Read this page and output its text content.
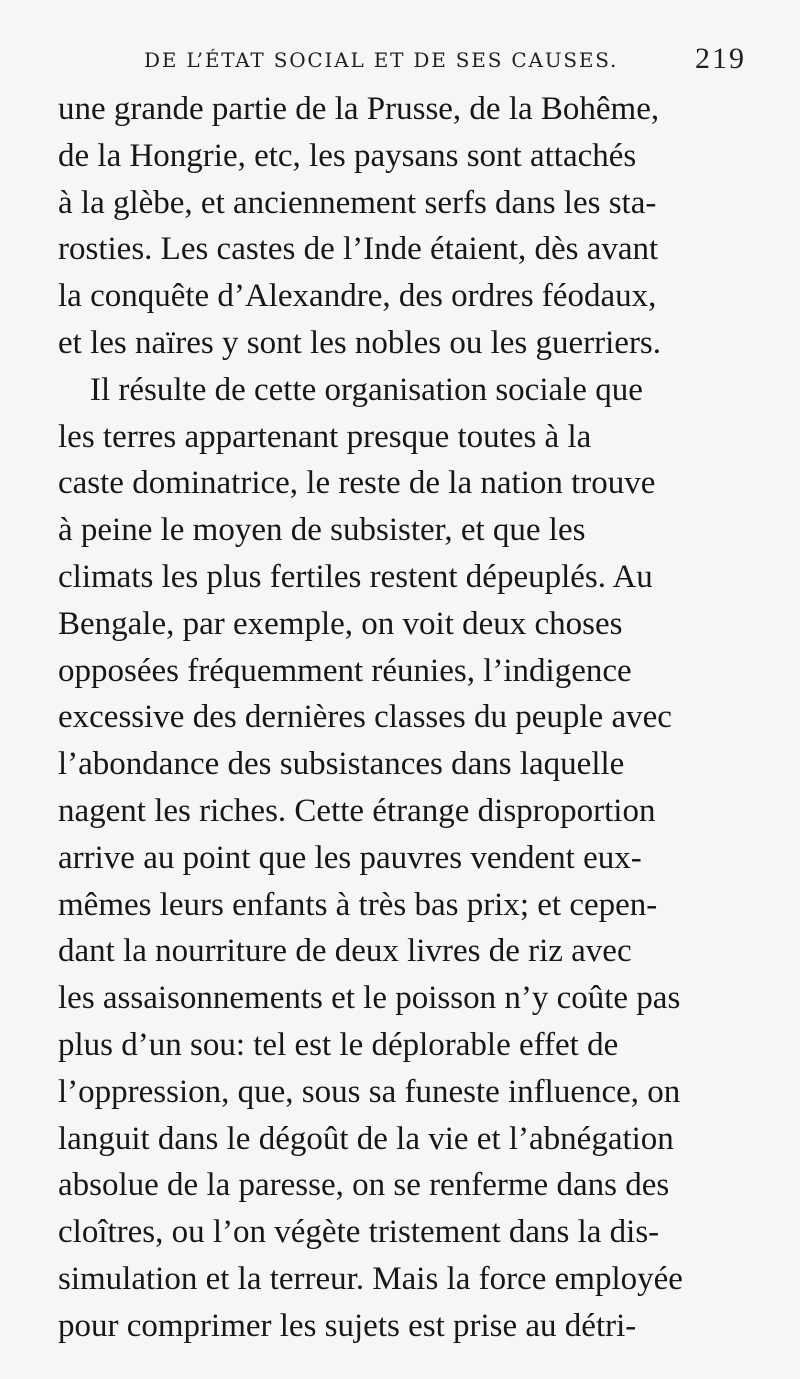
DE L’ÉTAT SOCIAL ET DE SES CAUSES.	219
une grande partie de la Prusse, de la Bohême,
de la Hongrie, etc, les paysans sont attachés
à la glèbe, et anciennement serfs dans les sta-
rosties. Les castes de l’Inde étaient, dès avant
la conquête d’Alexandre, des ordres féodaux,
et les naïres y sont les nobles ou les guerriers.
Il résulte de cette organisation sociale que
les terres appartenant presque toutes à la
caste dominatrice, le reste de la nation trouve
à peine le moyen de subsister, et que les
climats les plus fertiles restent dépeuplés. Au
Bengale, par exemple, on voit deux choses
opposées fréquemment réunies, l’indigence
excessive des dernières classes du peuple avec
l’abondance des subsistances dans laquelle
nagent les riches. Cette étrange disproportion
arrive au point que les pauvres vendent eux-
mêmes leurs enfants à très bas prix; et cepen-
dant la nourriture de deux livres de riz avec
les assaisonnements et le poisson n’y coûte pas
plus d’un sou: tel est le déplorable effet de
l’oppression, que, sous sa funeste influence, on
languit dans le dégoût de la vie et l’abnégation
absolue de la paresse, on se renferme dans des
cloîtres, ou l’on végète tristement dans la dis-
simulation et la terreur. Mais la force employée
pour comprimer les sujets est prise au détri-
